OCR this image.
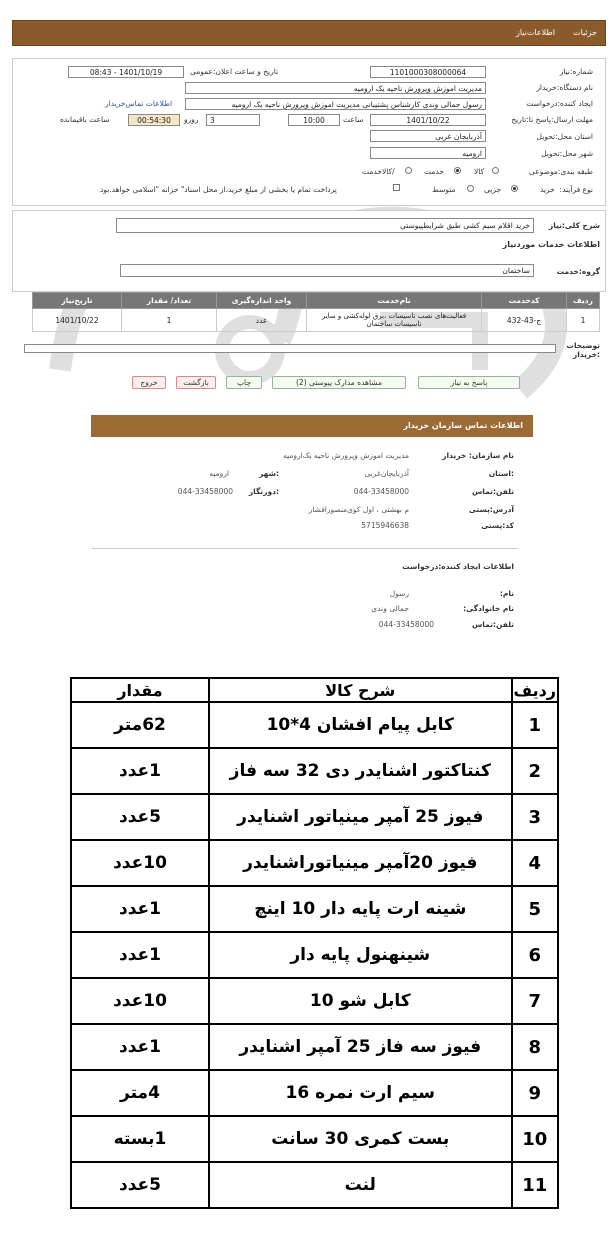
جزئیات
اطلاعات‌نیاز
شماره:نیاز
1101000308000064
تاریخ و ساعت اعلان:عمومی
1401/10/19 - 08:43
نام دستگاه:خریدار
مدیریت اموزش وپرورش ناحیه یک ارومیه
ایجاد کننده:درخواست
رسول جمالی وندی کارشناس پشتیبانی مدیریت اموزش وپرورش ناحیه یک ارومیه
اطلاعات تماس‌خریدار
مهلت ارسال:پاسخ تا:تاریخ
1401/10/22
ساعت
10:00
3
روزو
00:54:30
ساعت باقیمانده
استان محل:تحویل
آذربایجان غربی
شهر محل:تحویل
ارومیه
طبقه بندی:موضوعی
کالا
خدمت
/کالاخدمت
نوع فرآیند:
خرید
جزیی
متوسط
پرداخت تمام یا بخشی از مبلغ خرید،از محل اسناد" خزانه "اسلامی خواهد.بود
شرح کلی:نیاز
خرید اقلام سیم کشی طبق شرایطپیوستی
اطلاعات خدمات موردنیاز
گروه:خدمت
ساختمان
ردیف	کدخدمت	نام‌خدمت	واحد اندازه‌گیری	تعداد/ مقدار	تاریخ‌نیاز
1	ج-43-432	فعالیت‌های نصب تاسیسات ،برق لوله‌کشی و سایر تاسیسات ساختمان	عدد	1	1401/10/22
توضیحات :خریدار
پاسخ به نیاز
مشاهده مدارک پیوستی (2)
چاپ
بازگشت
خروج
اطلاعات تماس سازمان خریدار
نام سازمان: خریدار
مدیریت اموزش وپرورش ناحیه یک‌ارومیه
:استان
آذربایجان‌غربی
:شهر
ارومیه
تلفن:تماس
044-33458000
:دورنگار
044-33458000
آدرس:پستی
م بهشتی ، اول کوی‌منصور‌افشار
کد:پستی
5715946638
اطلاعات ایجاد کننده:درخواست
نام:
رسول
نام خانوادگی:
جمالی وندی
تلفن:تماس
044-33458000
ردیف	شرح کالا	مقدار
1	کابل پیام افشان 4*10	62متر
2	کنتاکتور اشنایدر دی 32 سه فاز	1عدد
3	فیوز 25 آمپر مینیاتور اشنایدر	5عدد
4	فیوز 20آمپر مینیاتوراشنایدر	10عدد
5	شینه ارت پایه دار 10 اینچ	1عدد
6	شینهنول پایه دار	1عدد
7	کابل شو 10	10عدد
8	فیوز سه فاز 25 آمپر اشنایدر	1عدد
9	سیم ارت نمره 16	4متر
10	بست کمری 30 سانت	1بسته
11	لنت	5عدد
